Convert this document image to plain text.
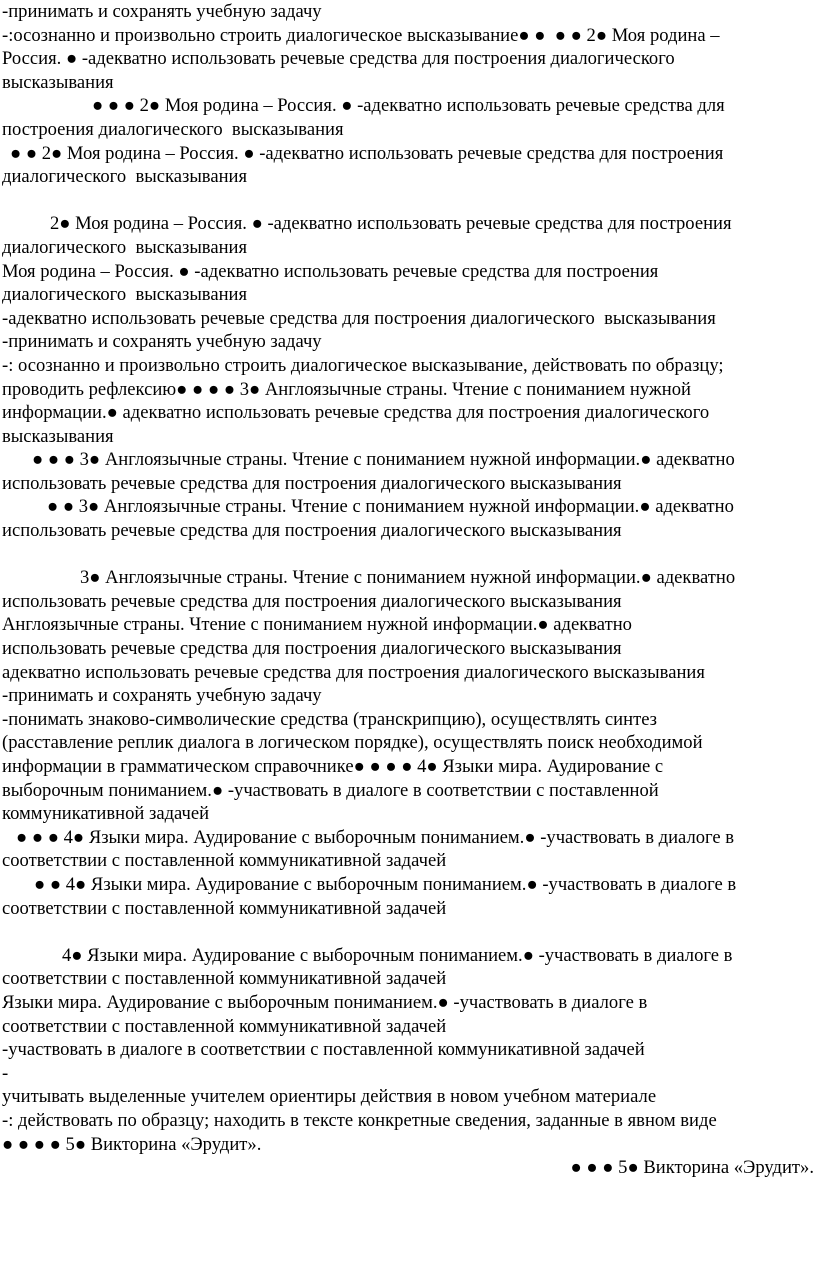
-принимать и сохранять учебную задачу
-:осознанно и произвольно строить диалогическое высказывание● ●  ● ● 2● Моя родина –
Россия. ● -адекватно использовать речевые средства для построения диалогического
высказывания
● ● ● 2● Моя родина – Россия. ● -адекватно использовать речевые средства для
построения диалогического  высказывания
● ● 2● Моя родина – Россия. ● -адекватно использовать речевые средства для построения
диалогического  высказывания
2● Моя родина – Россия. ● -адекватно использовать речевые средства для построения
диалогического  высказывания
Моя родина – Россия. ● -адекватно использовать речевые средства для построения
диалогического  высказывания
-адекватно использовать речевые средства для построения диалогического  высказывания
-принимать и сохранять учебную задачу
-: осознанно и произвольно строить диалогическое высказывание, действовать по образцу;
проводить рефлексию● ● ● ● 3● Англоязычные страны. Чтение с пониманием нужной
информации.● адекватно использовать речевые средства для построения диалогического
высказывания
● ● ● 3● Англоязычные страны. Чтение с пониманием нужной информации.● адекватно
использовать речевые средства для построения диалогического высказывания
● ● 3● Англоязычные страны. Чтение с пониманием нужной информации.● адекватно
использовать речевые средства для построения диалогического высказывания
3● Англоязычные страны. Чтение с пониманием нужной информации.● адекватно
использовать речевые средства для построения диалогического высказывания
Англоязычные страны. Чтение с пониманием нужной информации.● адекватно
использовать речевые средства для построения диалогического высказывания
адекватно использовать речевые средства для построения диалогического высказывания
-принимать и сохранять учебную задачу
-понимать знаково-символические средства (транскрипцию), осуществлять синтез
(расставление реплик диалога в логическом порядке), осуществлять поиск необходимой
информации в грамматическом справочнике● ● ● ● 4● Языки мира. Аудирование с
выборочным пониманием.● -участвовать в диалоге в соответствии с поставленной
коммуникативной задачей
● ● ● 4● Языки мира. Аудирование с выборочным пониманием.● -участвовать в диалоге в
соответствии с поставленной коммуникативной задачей
● ● 4● Языки мира. Аудирование с выборочным пониманием.● -участвовать в диалоге в
соответствии с поставленной коммуникативной задачей
4● Языки мира. Аудирование с выборочным пониманием.● -участвовать в диалоге в
соответствии с поставленной коммуникативной задачей
Языки мира. Аудирование с выборочным пониманием.● -участвовать в диалоге в
соответствии с поставленной коммуникативной задачей
-участвовать в диалоге в соответствии с поставленной коммуникативной задачей
-
учитывать выделенные учителем ориентиры действия в новом учебном материале
-: действовать по образцу; находить в тексте конкретные сведения, заданные в явном виде
● ● ● ● 5● Викторина «Эрудит».
● ● ● 5● Викторина «Эрудит».
